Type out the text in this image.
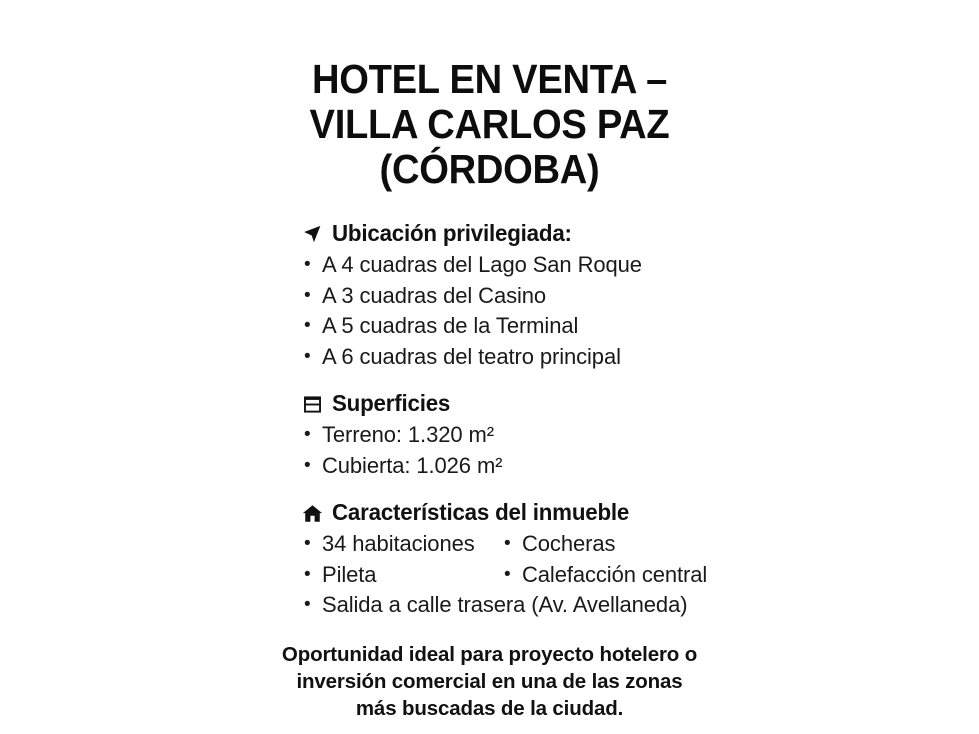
HOTEL EN VENTA –
VILLA CARLOS PAZ
(CÓRDOBA)
Ubicación privilegiada:
• A 4 cuadras del Lago San Roque
• A 3 cuadras del Casino
• A 5 cuadras de la Terminal
• A 6 cuadras del teatro principal
Superficies
• Terreno: 1.320 m²
• Cubierta: 1.026 m²
Características del inmueble
• 34 habitaciones	• Cocheras
• Pileta	• Calefacción central
• Salida a calle trasera (Av. Avellaneda)
Oportunidad ideal para proyecto hotelero o
inversión comercial en una de las zonas
más buscadas de la ciudad.
